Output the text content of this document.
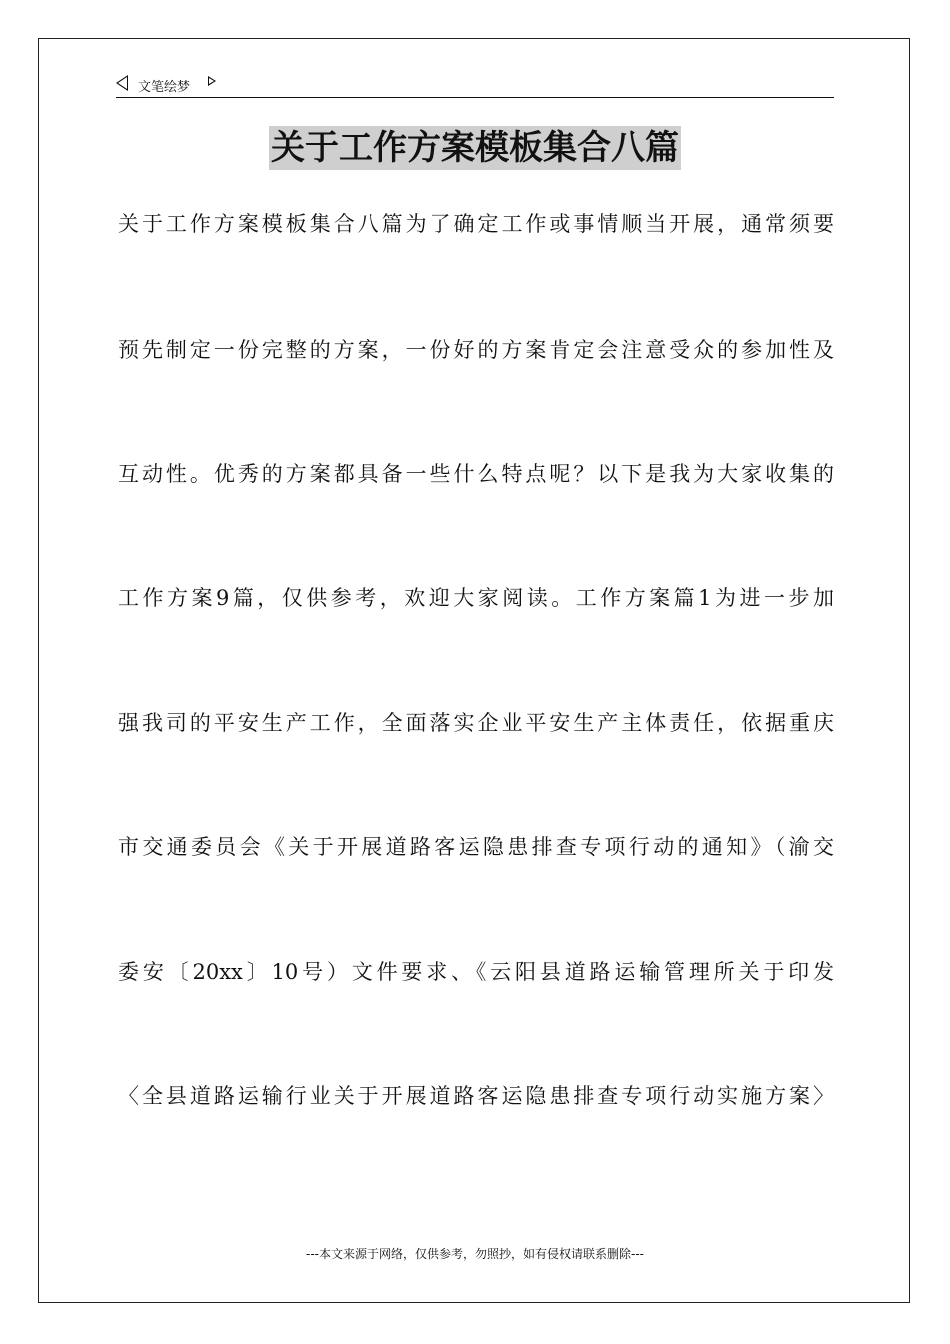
文笔绘梦
关于工作方案模板集合八篇
关于工作方案模板集合八篇为了确定工作或事情顺当开展，通常须要
预先制定一份完整的方案，一份好的方案肯定会注意受众的参加性及
互动性。优秀的方案都具备一些什么特点呢？以下是我为大家收集的
工作方案9篇，仅供参考，欢迎大家阅读。工作方案篇1为进一步加
强我司的平安生产工作，全面落实企业平安生产主体责任，依据重庆
市交通委员会《关于开展道路客运隐患排查专项行动的通知》（渝交
委安〔20xx〕10号）文件要求、《云阳县道路运输管理所关于印发
〈全县道路运输行业关于开展道路客运隐患排查专项行动实施方案〉
---本文来源于网络，仅供参考，勿照抄，如有侵权请联系删除---
